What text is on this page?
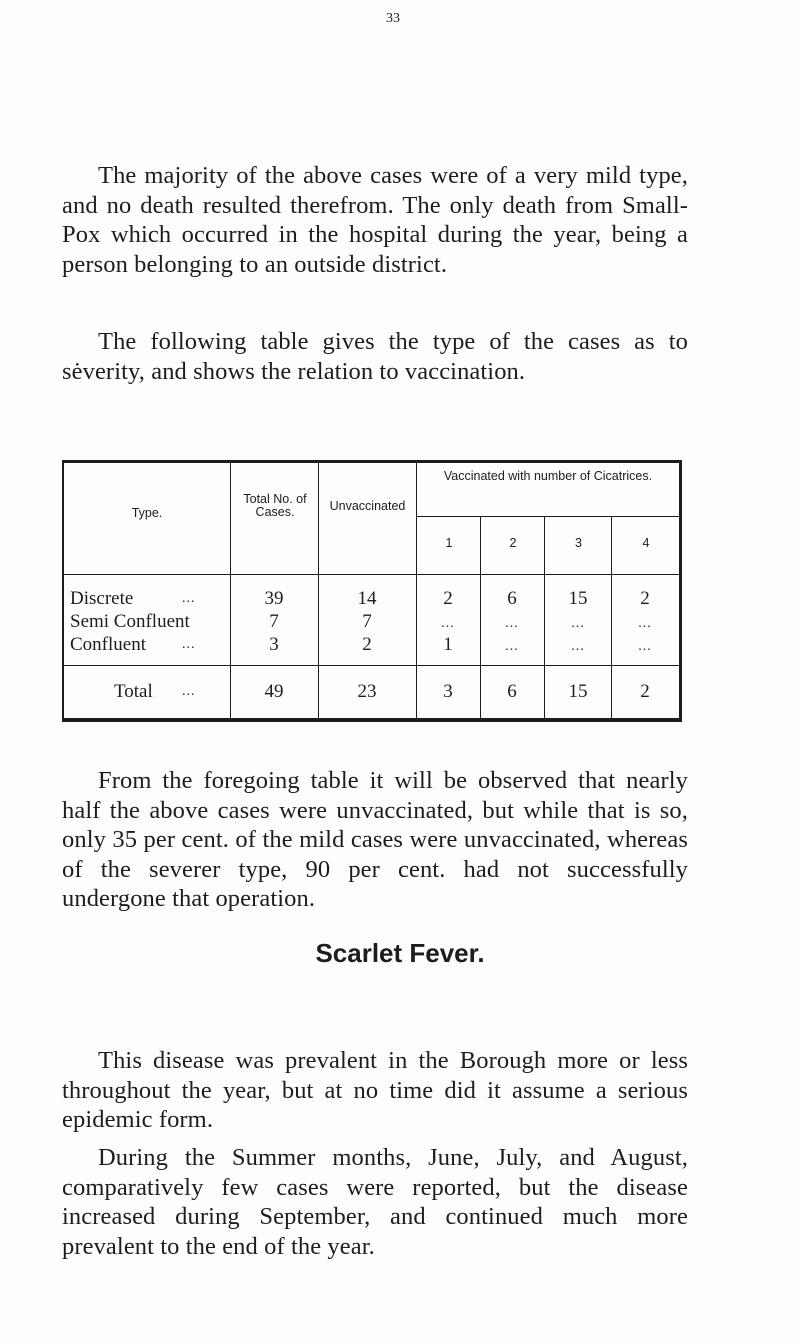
33

The majority of the above cases were of a very mild type, and no death resulted therefrom. The only death from Small-Pox which occurred in the hospital during the year, being a person belonging to an outside district.

The following table gives the type of the cases as to sėverity, and shows the relation to vaccination.

Type.
Total No. of Cases.	Unvaccinated
Vaccinated with number of Cicatrices.
1	2	3	4
Discrete	...	39	14	2	6	15	2
Semi Confluent	7	7	...	...	...	...
Confluent	...	3	2	1	...	...	...
Total ...	49	23	3	6	15	2

From the foregoing table it will be observed that nearly half the above cases were unvaccinated, but while that is so, only 35 per cent. of the mild cases were unvaccinated, whereas of the severer type, 90 per cent. had not successfully undergone that operation.

Scarlet Fever.

This disease was prevalent in the Borough more or less throughout the year, but at no time did it assume a serious epidemic form.

During the Summer months, June, July, and August, comparatively few cases were reported, but the disease increased during September, and continued much more prevalent to the end of the year.
